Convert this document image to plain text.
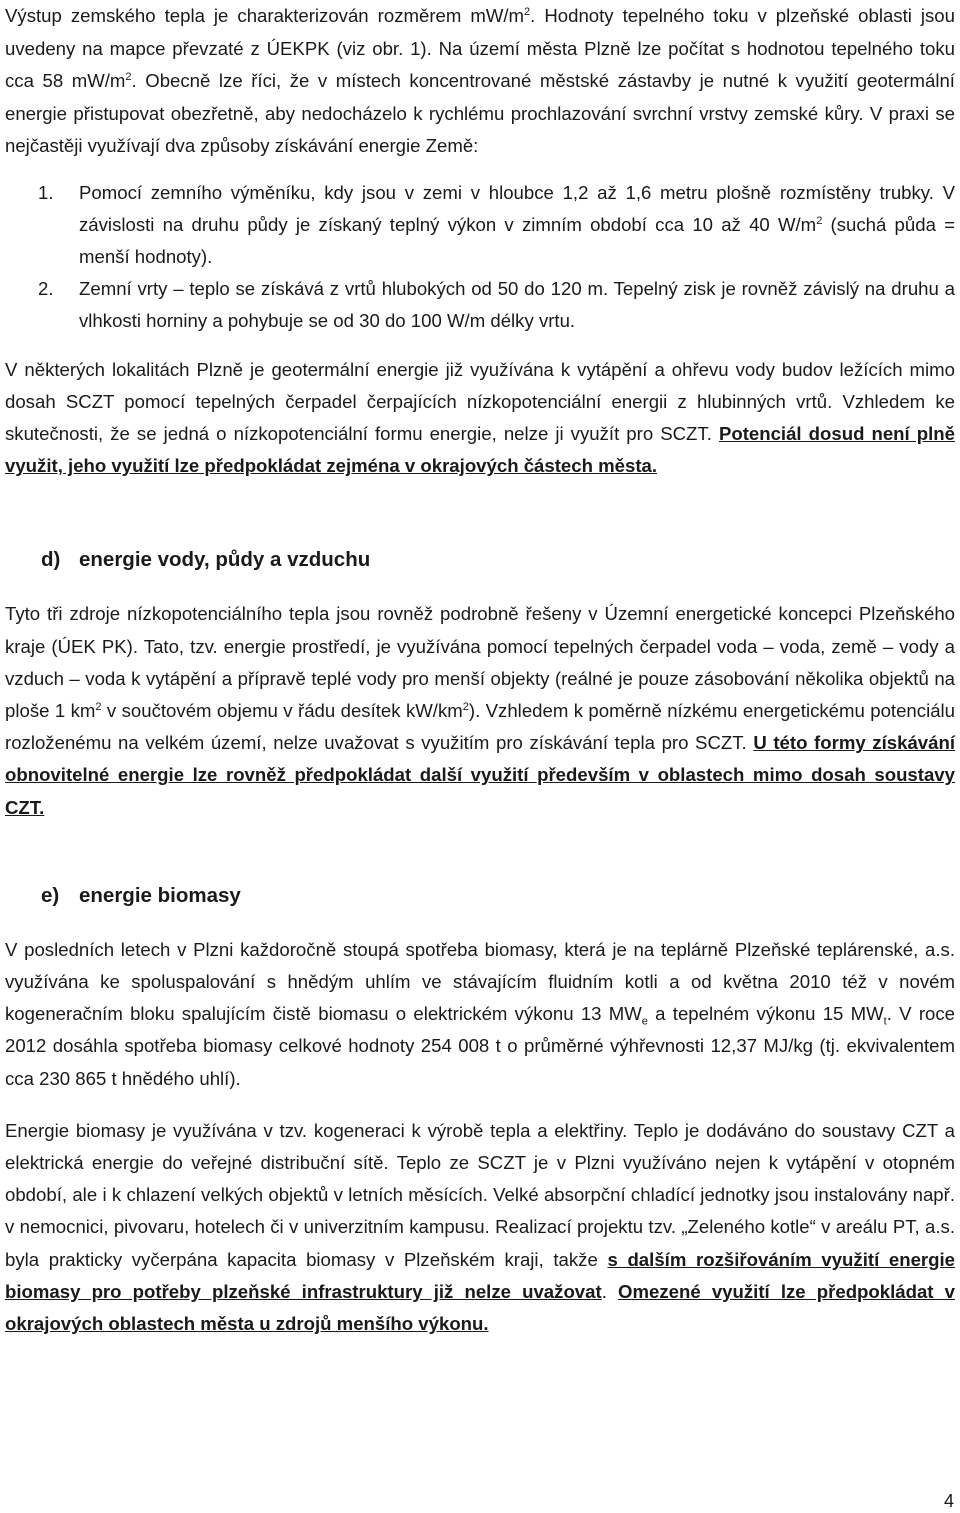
Výstup zemského tepla je charakterizován rozměrem $mW/m^2$. Hodnoty tepelného toku v plzeňské oblasti jsou uvedeny na mapce převzaté z ÚEKPK (viz obr. 1). Na území města Plzně lze počítat s hodnotou tepelného toku cca 58 $mW/m^2$. Obecně lze říci, že v místech koncentrované městské zástavby je nutné k využití geotermální energie přistupovat obezřetně, aby nedocházelo k rychlému prochlazování svrchní vrstvy zemské kůry. V praxi se nejčastěji využívají dva způsoby získávání energie Země:

1. Pomocí zemního výměníku, kdy jsou v zemi v hloubce 1,2 až 1,6 metru plošně rozmístěny trubky. V závislosti na druhu půdy je získaný teplný výkon v zimním období cca 10 až 40 $W/m^2$ (suchá půda = menší hodnoty).
2. Zemní vrty – teplo se získává z vrtů hlubokých od 50 do 120 m. Tepelný zisk je rovněž závislý na druhu a vlhkosti horniny a pohybuje se od 30 do 100 W/m délky vrtu.

V některých lokalitách Plzně je geotermální energie již využívána k vytápění a ohřevu vody budov ležících mimo dosah SCZT pomocí tepelných čerpadel čerpajících nízkopotenciální energii z hlubinných vrtů. Vzhledem ke skutečnosti, že se jedná o nízkopotenciální formu energie, nelze ji využít pro SCZT. Potenciál dosud není plně využit, jeho využití lze předpokládat zejména v okrajových částech města.

d) energie vody, půdy a vzduchu

Tyto tři zdroje nízkopotenciálního tepla jsou rovněž podrobně řešeny v Územní energetické koncepci Plzeňského kraje (ÚEK PK). Tato, tzv. energie prostředí, je využívána pomocí tepelných čerpadel voda – voda, země – vody a vzduch – voda k vytápění a přípravě teplé vody pro menší objekty (reálné je pouze zásobování několika objektů na ploše 1 $km^2$ v součtovém objemu v řádu desítek $kW/km^2$). Vzhledem k poměrně nízkému energetickému potenciálu rozloženému na velkém území, nelze uvažovat s využitím pro získávání tepla pro SCZT. U této formy získávání obnovitelné energie lze rovněž předpokládat další využití především v oblastech mimo dosah soustavy CZT.

e) energie biomasy

V posledních letech v Plzni každoročně stoupá spotřeba biomasy, která je na teplárně Plzeňské teplárenské, a.s. využívána ke spoluspalování s hnědým uhlím ve stávajícím fluidním kotli a od května 2010 též v novém kogeneračním bloku spalujícím čistě biomasu o elektrickém výkonu 13 $MW_e$ a tepelném výkonu 15 $MW_t$. V roce 2012 dosáhla spotřeba biomasy celkové hodnoty 254 008 t o průměrné výhřevnosti 12,37 MJ/kg (tj. ekvivalentem cca 230 865 t hnědého uhlí).

Energie biomasy je využívána v tzv. kogeneraci k výrobě tepla a elektřiny. Teplo je dodáváno do soustavy CZT a elektrická energie do veřejné distribuční sítě. Teplo ze SCZT je v Plzni využíváno nejen k vytápění v otopném období, ale i k chlazení velkých objektů v letních měsících. Velké absorpční chladící jednotky jsou instalovány např. v nemocnici, pivovaru, hotelech či v univerzitním kampusu. Realizací projektu tzv. „Zeleného kotle“ v areálu PT, a.s. byla prakticky vyčerpána kapacita biomasy v Plzeňském kraji, takže s dalším rozšiřováním využití energie biomasy pro potřeby plzeňské infrastruktury již nelze uvažovat. Omezené využití lze předpokládat v okrajových oblastech města u zdrojů menšího výkonu.

4
